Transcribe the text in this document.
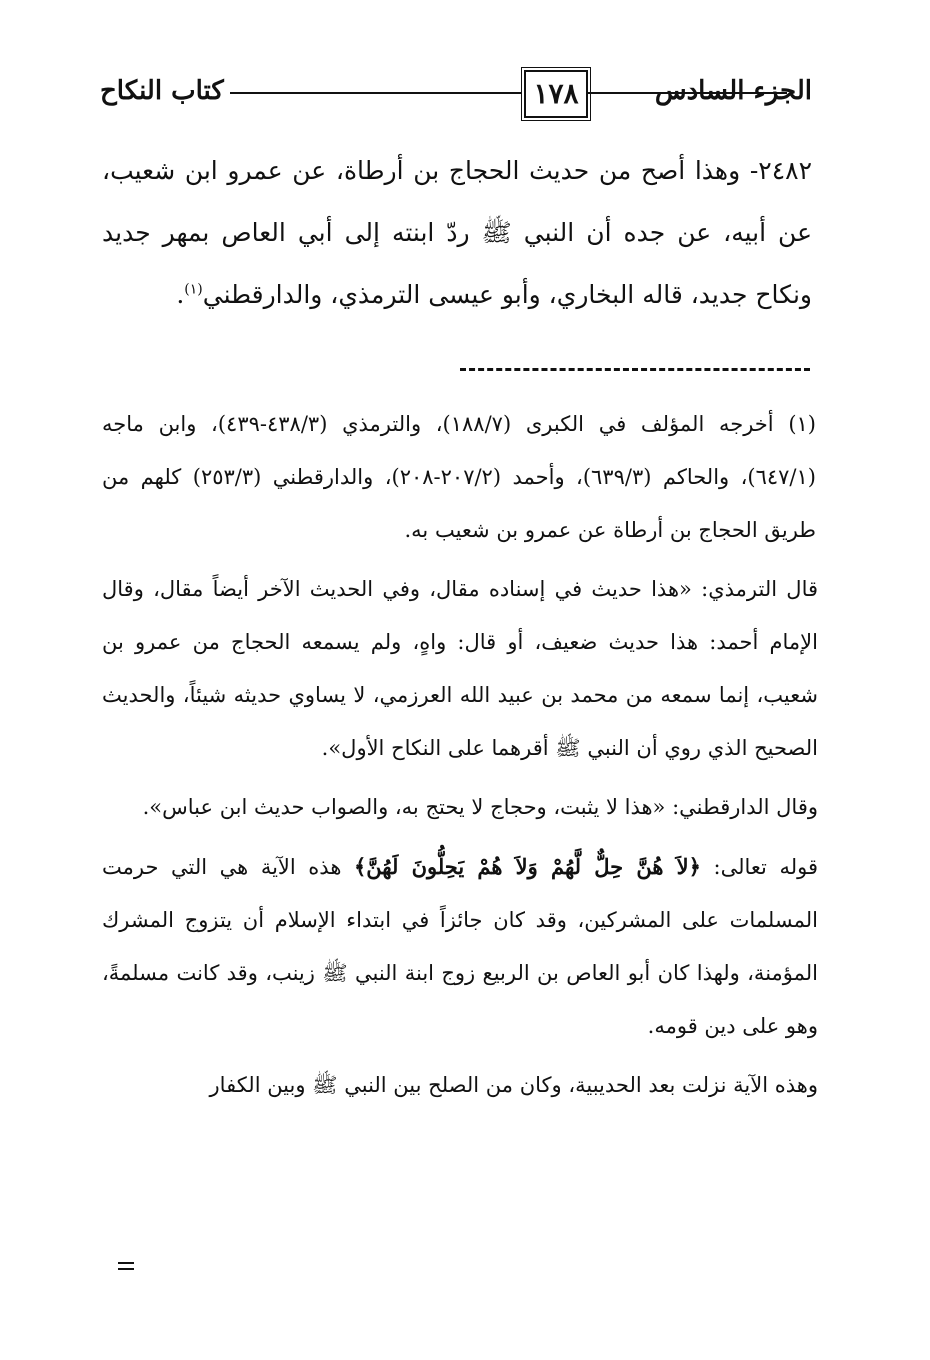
الجزء السادس
١٧٨
كتاب النكاح

٢٤٨٢- وهذا أصح من حديث الحجاج بن أرطاة، عن عمرو ابن شعيب، عن أبيه، عن جده أن النبي ﷺ ردّ ابنته إلى أبي العاص بمهر جديد ونكاح جديد، قاله البخاري، وأبو عيسى الترمذي، والدارقطني$^{(١)}$.

(١) أخرجه المؤلف في الكبرى (١٨٨/٧)، والترمذي (٤٣٨/٣-٤٣٩)، وابن ماجه (٦٤٧/١)، والحاكم (٦٣٩/٣)، وأحمد (٢٠٧/٢-٢٠٨)، والدارقطني (٢٥٣/٣) كلهم من طريق الحجاج بن أرطاة عن عمرو بن شعيب به.

قال الترمذي: «هذا حديث في إسناده مقال، وفي الحديث الآخر أيضاً مقال، وقال الإمام أحمد: هذا حديث ضعيف، أو قال: واهٍ، ولم يسمعه الحجاج من عمرو بن شعيب، إنما سمعه من محمد بن عبيد الله العرزمي، لا يساوي حديثه شيئاً، والحديث الصحيح الذي روي أن النبي ﷺ أقرهما على النكاح الأول».

وقال الدارقطني: «هذا لا يثبت، وحجاج لا يحتج به، والصواب حديث ابن عباس».

قوله تعالى: ﴿لاَ هُنَّ حِلٌّ لَّهُمْ وَلاَ هُمْ يَحِلُّونَ لَهُنَّ﴾ هذه الآية هي التي حرمت المسلمات على المشركين، وقد كان جائزاً في ابتداء الإسلام أن يتزوج المشرك المؤمنة، ولهذا كان أبو العاص بن الربيع زوج ابنة النبي ﷺ زينب، وقد كانت مسلمةً، وهو على دين قومه.

وهذه الآية نزلت بعد الحديبية، وكان من الصلح بين النبي ﷺ وبين الكفار
